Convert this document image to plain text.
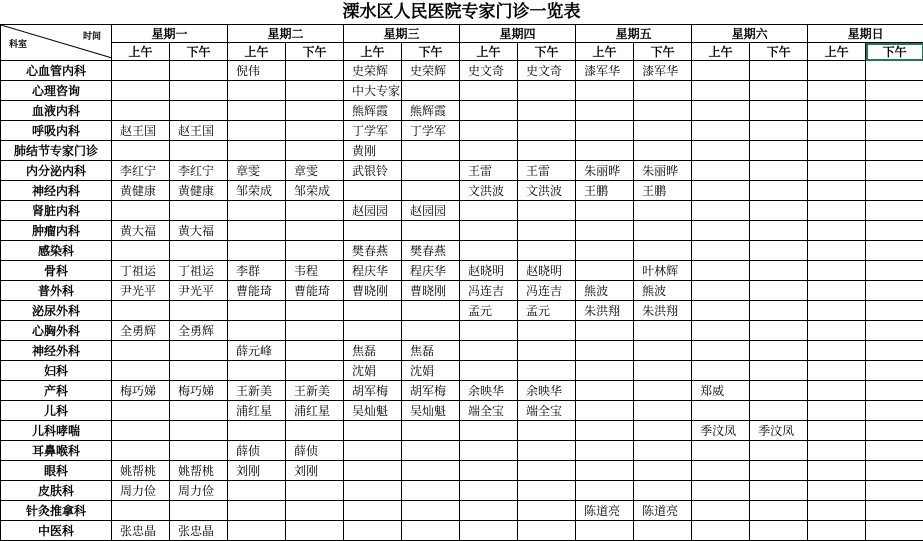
溧水区人民医院专家门诊一览表
科室
时间	星期一		星期二		星期三		星期四		星期五		星期六		星期日	
	上午	下午	上午	下午	上午	下午	上午	下午	上午	下午	上午	下午	上午	下午
心血管内科			倪伟		史荣辉	史荣辉	史文奇	史文奇	漆军华	漆军华				
心理咨询					中大专家									
血液内科					熊辉霞	熊辉霞								
呼吸内科	赵王国	赵王国			丁学军	丁学军								
肺结节专家门诊					黄刚									
内分泌内科	李红宁	李红宁	章雯	章雯	武银铃		王雷	王雷	朱丽晔	朱丽晔				
神经内科	黄健康	黄健康	邹荣成	邹荣成			文洪波	文洪波	王鹏	王鹏				
肾脏内科					赵园园	赵园园								
肿瘤内科	黄大福	黄大福												
感染科					樊春燕	樊春燕								
骨科	丁祖运	丁祖运	李群	韦程	程庆华	程庆华	赵晓明	赵晓明		叶林辉				
普外科	尹光平	尹光平	曹能琦	曹能琦	曹晓刚	曹晓刚	冯连吉	冯连吉	熊波	熊波				
泌尿外科							孟元	孟元	朱洪翔	朱洪翔				
心胸外科	全勇辉	全勇辉												
神经外科			薛元峰		焦磊	焦磊								
妇科					沈娟	沈娟								
产科	梅巧娣	梅巧娣	王新美	王新美	胡军梅	胡军梅	余映华	余映华			郑威			
儿科			浦红星	浦红星	吴灿魁	吴灿魁	端全宝	端全宝						
儿科哮喘											季汶凤	季汶凤		
耳鼻喉科			薛侦	薛侦										
眼科	姚帮桃	姚帮桃	刘刚	刘刚										
皮肤科	周力俭	周力俭												
针灸推拿科									陈道亮	陈道亮				
中医科	张忠晶	张忠晶												
